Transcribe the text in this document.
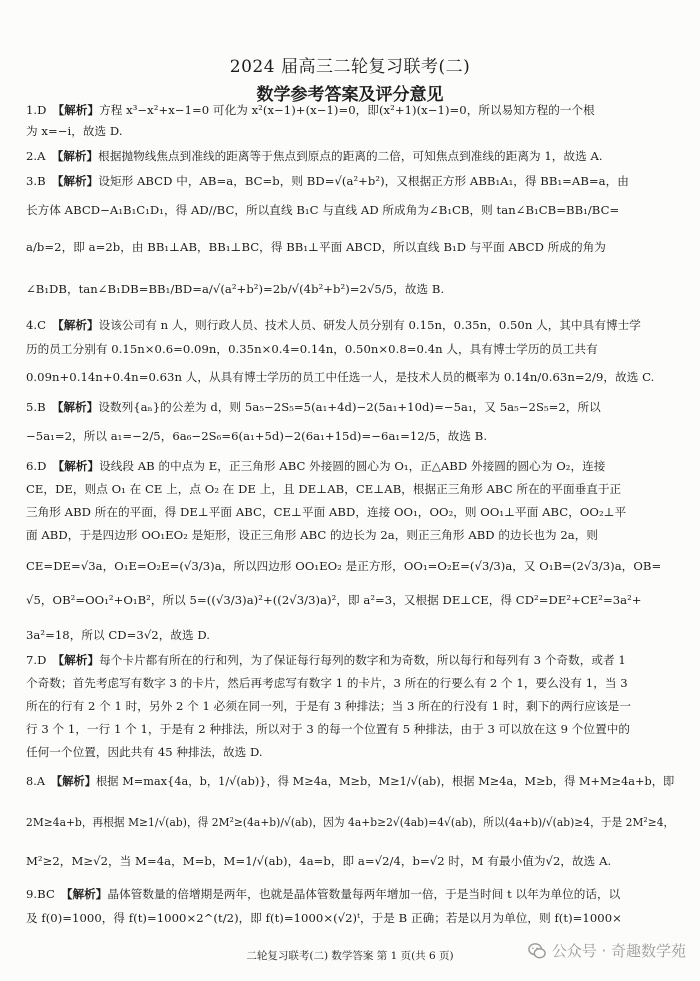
2024 届高三二轮复习联考(二)
数学参考答案及评分意见
1.D 【解析】方程 x³−x²+x−1=0 可化为 x²(x−1)+(x−1)=0，即(x²+1)(x−1)=0，所以易知方程的一个根
为 x=−i，故选 D.
2.A 【解析】根据抛物线焦点到准线的距离等于焦点到原点的距离的二倍，可知焦点到准线的距离为 1，故选 A.
3.B 【解析】设矩形 ABCD 中，AB=a，BC=b，则 BD=√(a²+b²)，又根据正方形 ABB₁A₁，得 BB₁=AB=a，由
长方体 ABCD−A₁B₁C₁D₁，得 AD//BC，所以直线 B₁C 与直线 AD 所成角为∠B₁CB，则 tan∠B₁CB=BB₁/BC=
a/b=2，即 a=2b，由 BB₁⊥AB，BB₁⊥BC，得 BB₁⊥平面 ABCD，所以直线 B₁D 与平面 ABCD 所成的角为
∠B₁DB，tan∠B₁DB=BB₁/BD=a/√(a²+b²)=2b/√(4b²+b²)=2√5/5，故选 B.
4.C 【解析】设该公司有 n 人，则行政人员、技术人员、研发人员分别有 0.15n，0.35n，0.50n 人，其中具有博士学
历的员工分别有 0.15n×0.6=0.09n，0.35n×0.4=0.14n，0.50n×0.8=0.4n 人，具有博士学历的员工共有
0.09n+0.14n+0.4n=0.63n 人，从具有博士学历的员工中任选一人，是技术人员的概率为 0.14n/0.63n=2/9，故选 C.
5.B 【解析】设数列{aₙ}的公差为 d，则 5a₅−2S₅=5(a₁+4d)−2(5a₁+10d)=−5a₁，又 5a₅−2S₅=2，所以
−5a₁=2，所以 a₁=−2/5，6a₆−2S₆=6(a₁+5d)−2(6a₁+15d)=−6a₁=12/5，故选 B.
6.D 【解析】设线段 AB 的中点为 E，正三角形 ABC 外接圆的圆心为 O₁，正△ABD 外接圆的圆心为 O₂，连接
CE，DE，则点 O₁ 在 CE 上，点 O₂ 在 DE 上，且 DE⊥AB，CE⊥AB，根据正三角形 ABC 所在的平面垂直于正
三角形 ABD 所在的平面，得 DE⊥平面 ABC，CE⊥平面 ABD，连接 OO₁，OO₂，则 OO₁⊥平面 ABC，OO₂⊥平
面 ABD，于是四边形 OO₁EO₂ 是矩形，设正三角形 ABC 的边长为 2a，则正三角形 ABD 的边长也为 2a，则
CE=DE=√3a，O₁E=O₂E=(√3/3)a，所以四边形 OO₁EO₂ 是正方形，OO₁=O₂E=(√3/3)a，又 O₁B=(2√3/3)a，OB=
√5，OB²=OO₁²+O₁B²，所以 5=((√3/3)a)²+((2√3/3)a)²，即 a²=3，又根据 DE⊥CE，得 CD²=DE²+CE²=3a²+
3a²=18，所以 CD=3√2，故选 D.
7.D 【解析】每个卡片都有所在的行和列，为了保证每行每列的数字和为奇数，所以每行和每列有 3 个奇数，或者 1
个奇数；首先考虑写有数字 3 的卡片，然后再考虑写有数字 1 的卡片，3 所在的行要么有 2 个 1，要么没有 1，当 3
所在的行有 2 个 1 时，另外 2 个 1 必须在同一列，于是有 3 种排法；当 3 所在的行没有 1 时，剩下的两行应该是一
行 3 个 1，一行 1 个 1，于是有 2 种排法，所以对于 3 的每一个位置有 5 种排法，由于 3 可以放在这 9 个位置中的
任何一个位置，因此共有 45 种排法，故选 D.
8.A 【解析】根据 M=max{4a，b，1/√(ab)}，得 M≥4a，M≥b，M≥1/√(ab)，根据 M≥4a，M≥b，得 M+M≥4a+b，即
2M≥4a+b，再根据 M≥1/√(ab)，得 2M²≥(4a+b)/√(ab)，因为 4a+b≥2√(4ab)=4√(ab)，所以(4a+b)/√(ab)≥4，于是 2M²≥4，
M²≥2，M≥√2，当 M=4a，M=b，M=1/√(ab)，4a=b，即 a=√2/4，b=√2 时，M 有最小值为√2，故选 A.
9.BC 【解析】晶体管数量的倍增期是两年，也就是晶体管数量每两年增加一倍，于是当时间 t 以年为单位的话，以
及 f(0)=1000，得 f(t)=1000×2^(t/2)，即 f(t)=1000×(√2)ᵗ，于是 B 正确；若是以月为单位，则 f(t)=1000×
二轮复习联考(二) 数学答案 第 1 页(共 6 页)	公众号 · 奇趣数学苑
